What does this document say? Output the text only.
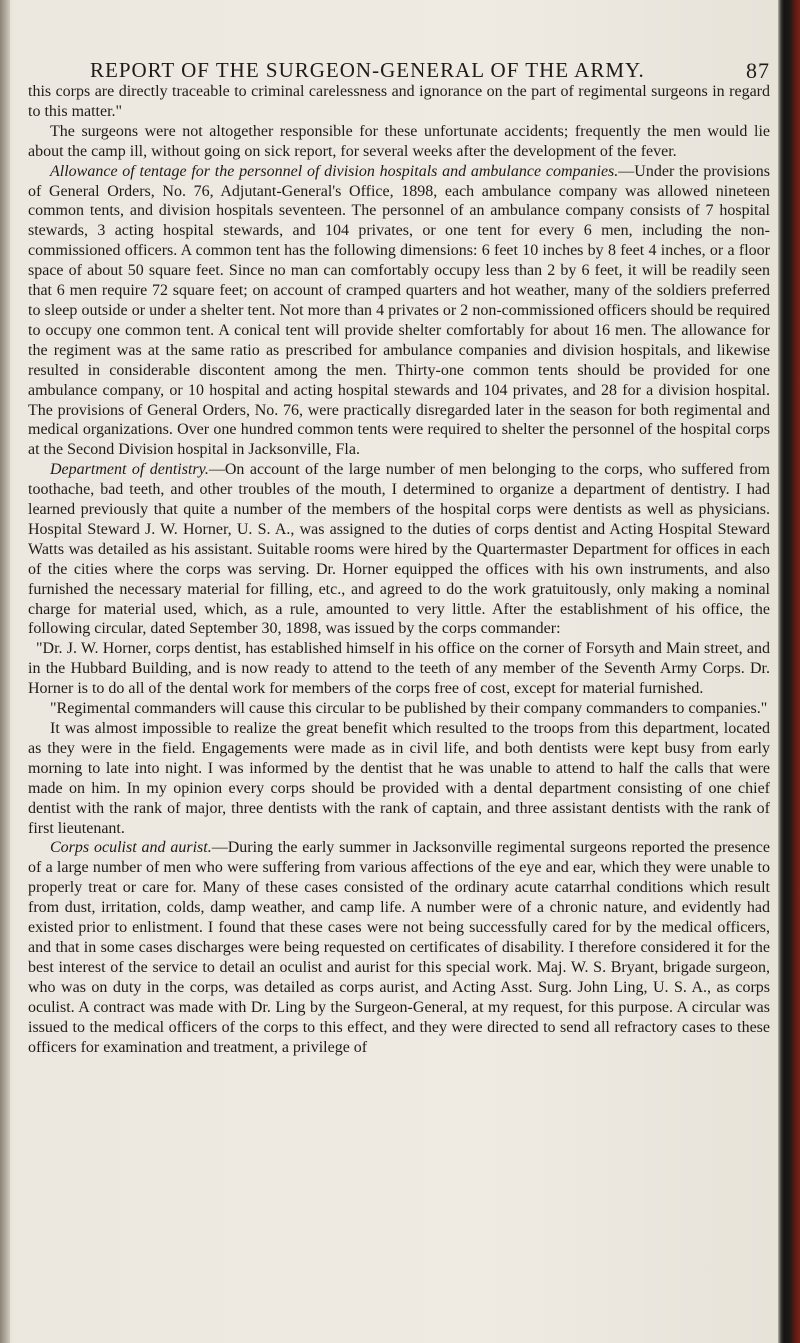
REPORT OF THE SURGEON-GENERAL OF THE ARMY.	87

this corps are directly traceable to criminal carelessness and ignorance on the part of regimental surgeons in regard to this matter."

The surgeons were not altogether responsible for these unfortunate accidents; frequently the men would lie about the camp ill, without going on sick report, for several weeks after the development of the fever.

Allowance of tentage for the personnel of division hospitals and ambulance companies.—Under the provisions of General Orders, No. 76, Adjutant-General's Office, 1898, each ambulance company was allowed nineteen common tents, and division hospitals seventeen. The personnel of an ambulance company consists of 7 hospital stewards, 3 acting hospital stewards, and 104 privates, or one tent for every 6 men, including the non-commissioned officers. A common tent has the following dimensions: 6 feet 10 inches by 8 feet 4 inches, or a floor space of about 50 square feet. Since no man can comfortably occupy less than 2 by 6 feet, it will be readily seen that 6 men require 72 square feet; on account of cramped quarters and hot weather, many of the soldiers preferred to sleep outside or under a shelter tent. Not more than 4 privates or 2 non-commissioned officers should be required to occupy one common tent. A conical tent will provide shelter comfortably for about 16 men. The allowance for the regiment was at the same ratio as prescribed for ambulance companies and division hospitals, and likewise resulted in considerable discontent among the men. Thirty-one common tents should be provided for one ambulance company, or 10 hospital and acting hospital stewards and 104 privates, and 28 for a division hospital. The provisions of General Orders, No. 76, were practically disregarded later in the season for both regimental and medical organizations. Over one hundred common tents were required to shelter the personnel of the hospital corps at the Second Division hospital in Jacksonville, Fla.

Department of dentistry.—On account of the large number of men belonging to the corps, who suffered from toothache, bad teeth, and other troubles of the mouth, I determined to organize a department of dentistry. I had learned previously that quite a number of the members of the hospital corps were dentists as well as physicians. Hospital Steward J. W. Horner, U. S. A., was assigned to the duties of corps dentist and Acting Hospital Steward Watts was detailed as his assistant. Suitable rooms were hired by the Quartermaster Department for offices in each of the cities where the corps was serving. Dr. Horner equipped the offices with his own instruments, and also furnished the necessary material for filling, etc., and agreed to do the work gratuitously, only making a nominal charge for material used, which, as a rule, amounted to very little. After the establishment of his office, the following circular, dated September 30, 1898, was issued by the corps commander:

"Dr. J. W. Horner, corps dentist, has established himself in his office on the corner of Forsyth and Main street, and in the Hubbard Building, and is now ready to attend to the teeth of any member of the Seventh Army Corps. Dr. Horner is to do all of the dental work for members of the corps free of cost, except for material furnished.

"Regimental commanders will cause this circular to be published by their company commanders to companies."

It was almost impossible to realize the great benefit which resulted to the troops from this department, located as they were in the field. Engagements were made as in civil life, and both dentists were kept busy from early morning to late into night. I was informed by the dentist that he was unable to attend to half the calls that were made on him. In my opinion every corps should be provided with a dental department consisting of one chief dentist with the rank of major, three dentists with the rank of captain, and three assistant dentists with the rank of first lieutenant.

Corps oculist and aurist.—During the early summer in Jacksonville regimental surgeons reported the presence of a large number of men who were suffering from various affections of the eye and ear, which they were unable to properly treat or care for. Many of these cases consisted of the ordinary acute catarrhal conditions which result from dust, irritation, colds, damp weather, and camp life. A number were of a chronic nature, and evidently had existed prior to enlistment. I found that these cases were not being successfully cared for by the medical officers, and that in some cases discharges were being requested on certificates of disability. I therefore considered it for the best interest of the service to detail an oculist and aurist for this special work. Maj. W. S. Bryant, brigade surgeon, who was on duty in the corps, was detailed as corps aurist, and Acting Asst. Surg. John Ling, U. S. A., as corps oculist. A contract was made with Dr. Ling by the Surgeon-General, at my request, for this purpose. A circular was issued to the medical officers of the corps to this effect, and they were directed to send all refractory cases to these officers for examination and treatment, a privilege of
